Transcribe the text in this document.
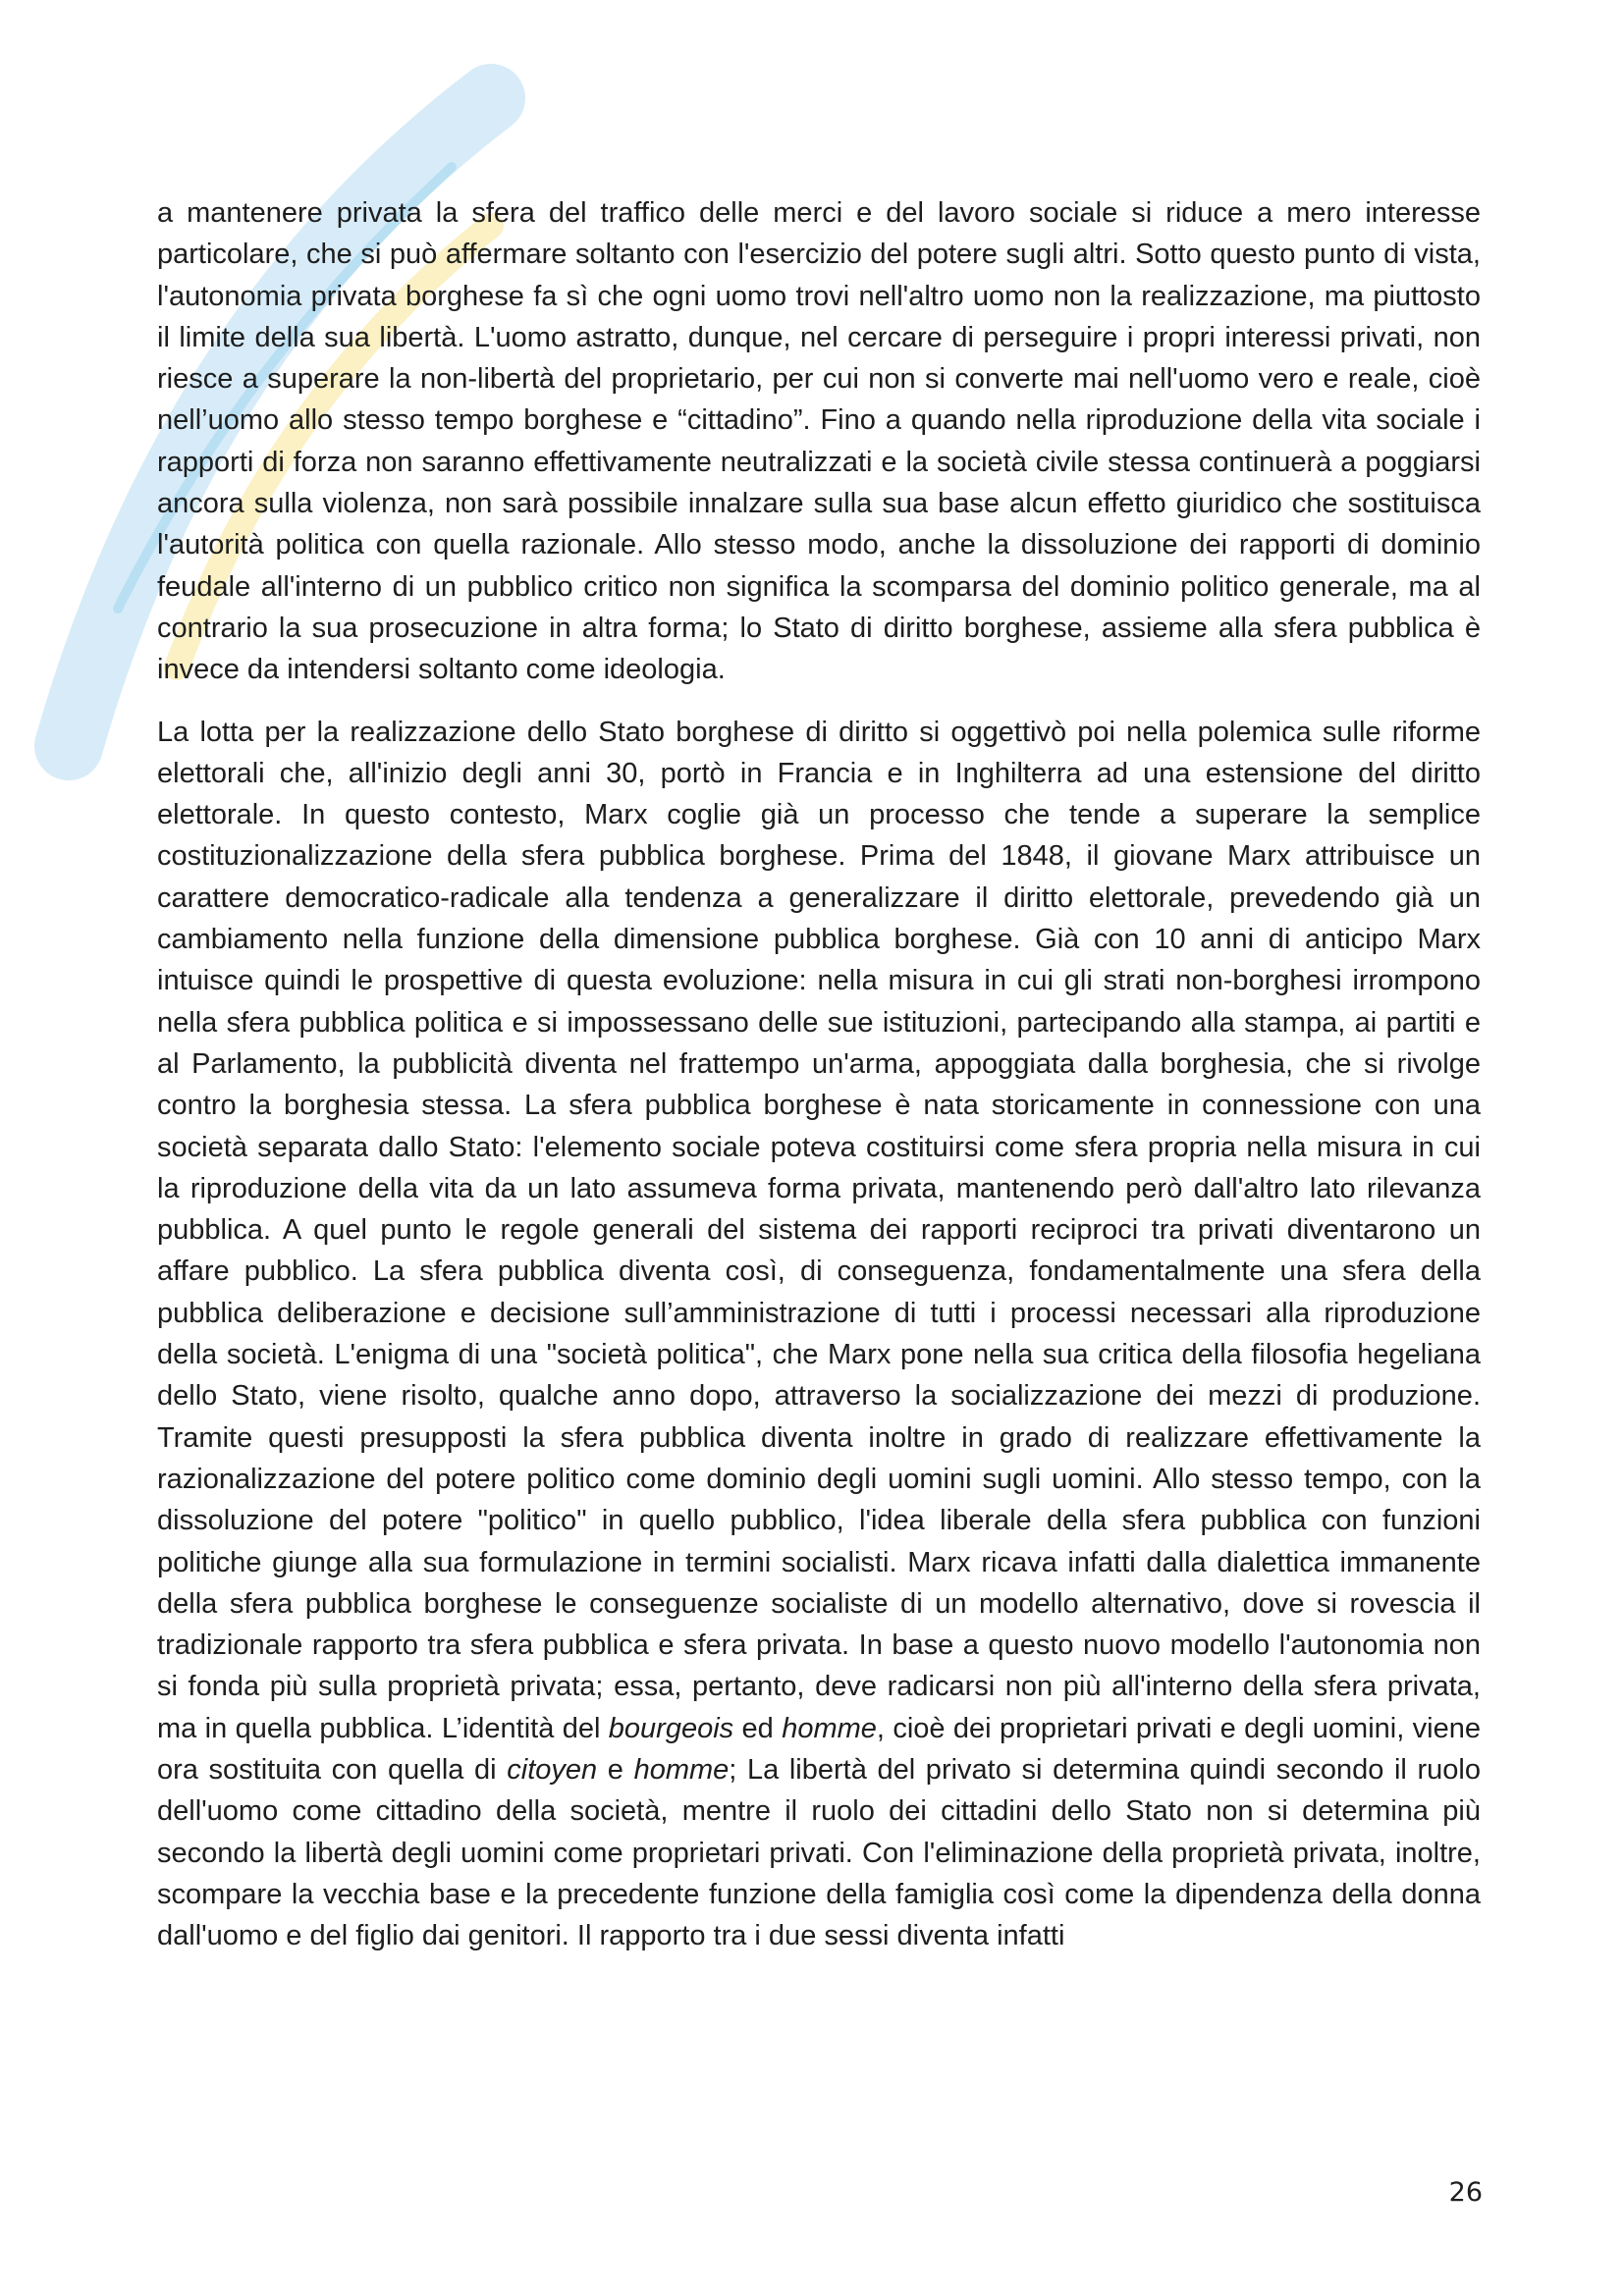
a mantenere privata la sfera del traffico delle merci e del lavoro sociale si riduce a mero interesse particolare, che si può affermare soltanto con l'esercizio del potere sugli altri. Sotto questo punto di vista, l'autonomia privata borghese fa sì che ogni uomo trovi nell'altro uomo non la realizzazione, ma piuttosto il limite della sua libertà. L'uomo astratto, dunque, nel cercare di perseguire i propri interessi privati, non riesce a superare la non-libertà del proprietario, per cui non si converte mai nell'uomo vero e reale, cioè nell’uomo allo stesso tempo borghese e “cittadino”. Fino a quando nella riproduzione della vita sociale i rapporti di forza non saranno effettivamente neutralizzati e la società civile stessa continuerà a poggiarsi ancora sulla violenza, non sarà possibile innalzare sulla sua base alcun effetto giuridico che sostituisca l'autorità politica con quella razionale. Allo stesso modo, anche la dissoluzione dei rapporti di dominio feudale all'interno di un pubblico critico non significa la scomparsa del dominio politico generale, ma al contrario la sua prosecuzione in altra forma; lo Stato di diritto borghese, assieme alla sfera pubblica è invece da intendersi soltanto come ideologia.

La lotta per la realizzazione dello Stato borghese di diritto si oggettivò poi nella polemica sulle riforme elettorali che, all'inizio degli anni 30, portò in Francia e in Inghilterra ad una estensione del diritto elettorale. In questo contesto, Marx coglie già un processo che tende a superare la semplice costituzionalizzazione della sfera pubblica borghese. Prima del 1848, il giovane Marx attribuisce un carattere democratico-radicale alla tendenza a generalizzare il diritto elettorale, prevedendo già un cambiamento nella funzione della dimensione pubblica borghese. Già con 10 anni di anticipo Marx intuisce quindi le prospettive di questa evoluzione: nella misura in cui gli strati non-borghesi irrompono nella sfera pubblica politica e si impossessano delle sue istituzioni, partecipando alla stampa, ai partiti e al Parlamento, la pubblicità diventa nel frattempo un'arma, appoggiata dalla borghesia, che si rivolge contro la borghesia stessa. La sfera pubblica borghese è nata storicamente in connessione con una società separata dallo Stato: l'elemento sociale poteva costituirsi come sfera propria nella misura in cui la riproduzione della vita da un lato assumeva forma privata, mantenendo però dall'altro lato rilevanza pubblica. A quel punto le regole generali del sistema dei rapporti reciproci tra privati diventarono un affare pubblico. La sfera pubblica diventa così, di conseguenza, fondamentalmente una sfera della pubblica deliberazione e decisione sull’amministrazione di tutti i processi necessari alla riproduzione della società. L'enigma di una "società politica", che Marx pone nella sua critica della filosofia hegeliana dello Stato, viene risolto, qualche anno dopo, attraverso la socializzazione dei mezzi di produzione. Tramite questi presupposti la sfera pubblica diventa inoltre in grado di realizzare effettivamente la razionalizzazione del potere politico come dominio degli uomini sugli uomini. Allo stesso tempo, con la dissoluzione del potere "politico" in quello pubblico, l'idea liberale della sfera pubblica con funzioni politiche giunge alla sua formulazione in termini socialisti. Marx ricava infatti dalla dialettica immanente della sfera pubblica borghese le conseguenze socialiste di un modello alternativo, dove si rovescia il tradizionale rapporto tra sfera pubblica e sfera privata. In base a questo nuovo modello l'autonomia non si fonda più sulla proprietà privata; essa, pertanto, deve radicarsi non più all'interno della sfera privata, ma in quella pubblica. L’identità del bourgeois ed homme, cioè dei proprietari privati e degli uomini, viene ora sostituita con quella di citoyen e homme; La libertà del privato si determina quindi secondo il ruolo dell'uomo come cittadino della società, mentre il ruolo dei cittadini dello Stato non si determina più secondo la libertà degli uomini come proprietari privati. Con l'eliminazione della proprietà privata, inoltre, scompare la vecchia base e la precedente funzione della famiglia così come la dipendenza della donna dall'uomo e del figlio dai genitori. Il rapporto tra i due sessi diventa infatti

26
